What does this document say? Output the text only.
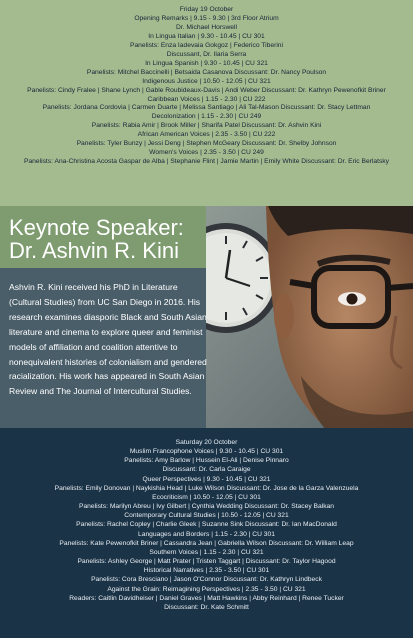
Friday 19 October
Opening Remarks | 9.15 - 9.30 | 3rd Floor Atrium
Dr. Michael Horswell
In Lingua Italian | 9.30 - 10.45 | CU 301
Panelists: Enza Iadevaia Gokgoz | Federico Tiberini
Discussant, Dr. Ilaria Serra
In Lingua Spanish | 9.30 - 10.45 | CU 321
Panelists: Mitchel Baccinelli | Betsaida Casanova Discussant: Dr. Nancy Poulson
Indigenous Justice | 10.50 - 12.05 | CU 321
Panelists: Cindy Fralee | Shane Lynch | Gable Roubideaux-Davis | Andi Weber Discussant: Dr. Kathryn Pewenofkit Briner
Caribbean Voices | 1.15 - 2.30 | CU 222
Panelists: Jordana Cordovia | Carmen Duarte | Melissa Santiago | Ali Tal-Mason Discussant: Dr. Stacy Lettman
Decolonization | 1.15 - 2.30 | CU 249
Panelists: Rabia Amir | Brook Miller | Sharifa Patel Discussant: Dr. Ashvin Kini
African American Voices | 2.35 - 3.50 | CU 222
Panelists: Tyler Bunzy | Jessi Deng | Stephen McGeary Discussant: Dr. Shelby Johnson
Women's Voices | 2.35 - 3.50 | CU 249
Panelists: Ana-Christina Acosta Gaspar de Alba | Stephanie Flint | Jamie Martin | Emily White Discussant: Dr. Eric Berlatsky
Keynote Speaker:
Dr. Ashvin R. Kini
Ashvin R. Kini received his PhD in Literature (Cultural Studies) from UC San Diego in 2016. His research examines diasporic Black and South Asian literature and cinema to explore queer and feminist models of affiliation and coalition attentive to nonequivalent histories of colonialism and gendered racialization. His work has appeared in South Asian Review and The Journal of Intercultural Studies.
Saturday 20 October
Muslim Francophone Voices | 9.30 - 10.45 | CU 301
Panelists: Amy Barlow | Hussein El-Ali | Denise Pinnaro
Discussant: Dr. Carla Caraige
Queer Perspectives | 9.30 - 10.45 | CU 321
Panelists: Emily Donovan | Naykishia Head | Luke Wilson Discussant: Dr. Jose de la Garza Valenzuela
Ecocriticism | 10.50 - 12.05 | CU 301
Panelists: Marilyn Abreu | Ivy Gilbert | Cynthia Wedding Discussant: Dr. Stacey Balkan
Contemporary Cultural Studies | 10.50 - 12.05 | CU 321
Panelists: Rachel Copley | Charlie Gleek | Suzanne Sink Discussant: Dr. Ian MacDonald
Languages and Borders | 1.15 - 2.30 | CU 301
Panelists: Kate Pewenofkit Briner | Cassandra Jean | Gabriella Wilson Discussant: Dr. William Leap
Southern Voices | 1.15 - 2.30 | CU 321
Panelists: Ashley George | Matt Prater | Tristen Taggart | Discussant: Dr. Taylor Hagood
Historical Narratives | 2.35 - 3.50 | CU 301
Panelists: Cora Bresciano | Jason O'Connor Discussant: Dr. Kathryn Lindbeck
Against the Grain: Reimagining Perspectives | 2.35 - 3.50 | CU 321
Readers: Caitlin Davidheiser | Daniel Graves | Matt Hawkins | Abby Reinhard | Renee Tucker
Discussant: Dr. Kate Schmitt
